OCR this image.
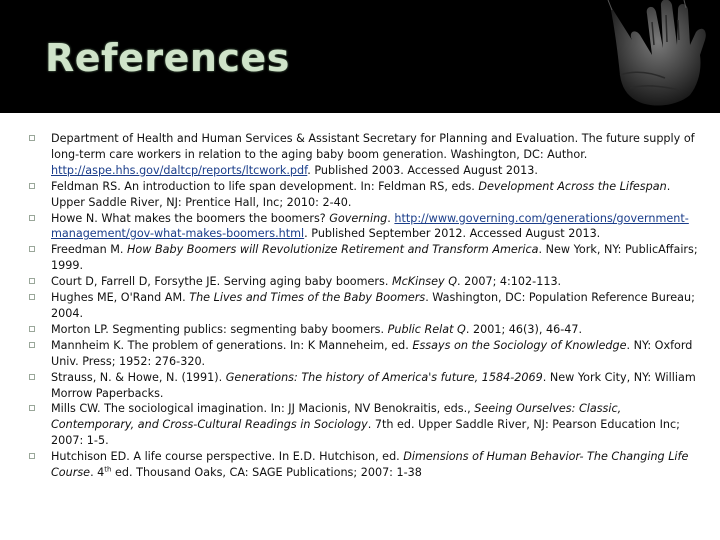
References
Department of Health and Human Services & Assistant Secretary for Planning and Evaluation. The future supply of long-term care workers in relation to the aging baby boom generation. Washington, DC: Author. http://aspe.hhs.gov/daltcp/reports/ltcwork.pdf. Published 2003. Accessed August 2013.
Feldman RS. An introduction to life span development. In: Feldman RS, eds. Development Across the Lifespan. Upper Saddle River, NJ: Prentice Hall, Inc; 2010: 2-40.
Howe N. What makes the boomers the boomers? Governing. http://www.governing.com/generations/government-management/gov-what-makes-boomers.html. Published September 2012. Accessed August 2013.
Freedman M. How Baby Boomers will Revolutionize Retirement and Transform America. New York, NY: PublicAffairs; 1999.
Court D, Farrell D, Forsythe JE. Serving aging baby boomers. McKinsey Q. 2007; 4:102-113.
Hughes ME, O'Rand AM. The Lives and Times of the Baby Boomers. Washington, DC: Population Reference Bureau; 2004.
Morton LP. Segmenting publics: segmenting baby boomers. Public Relat Q. 2001; 46(3), 46-47.
Mannheim K. The problem of generations. In: K Manneheim, ed. Essays on the Sociology of Knowledge. NY: Oxford Univ. Press; 1952: 276-320.
Strauss, N. & Howe, N. (1991). Generations: The history of America's future, 1584-2069. New York City, NY: William Morrow Paperbacks.
Mills CW. The sociological imagination. In: JJ Macionis, NV Benokraitis, eds., Seeing Ourselves: Classic, Contemporary, and Cross-Cultural Readings in Sociology. 7th ed. Upper Saddle River, NJ: Pearson Education Inc; 2007: 1-5.
Hutchison ED. A life course perspective. In E.D. Hutchison, ed. Dimensions of Human Behavior- The Changing Life Course. 4th ed. Thousand Oaks, CA: SAGE Publications; 2007: 1-38
